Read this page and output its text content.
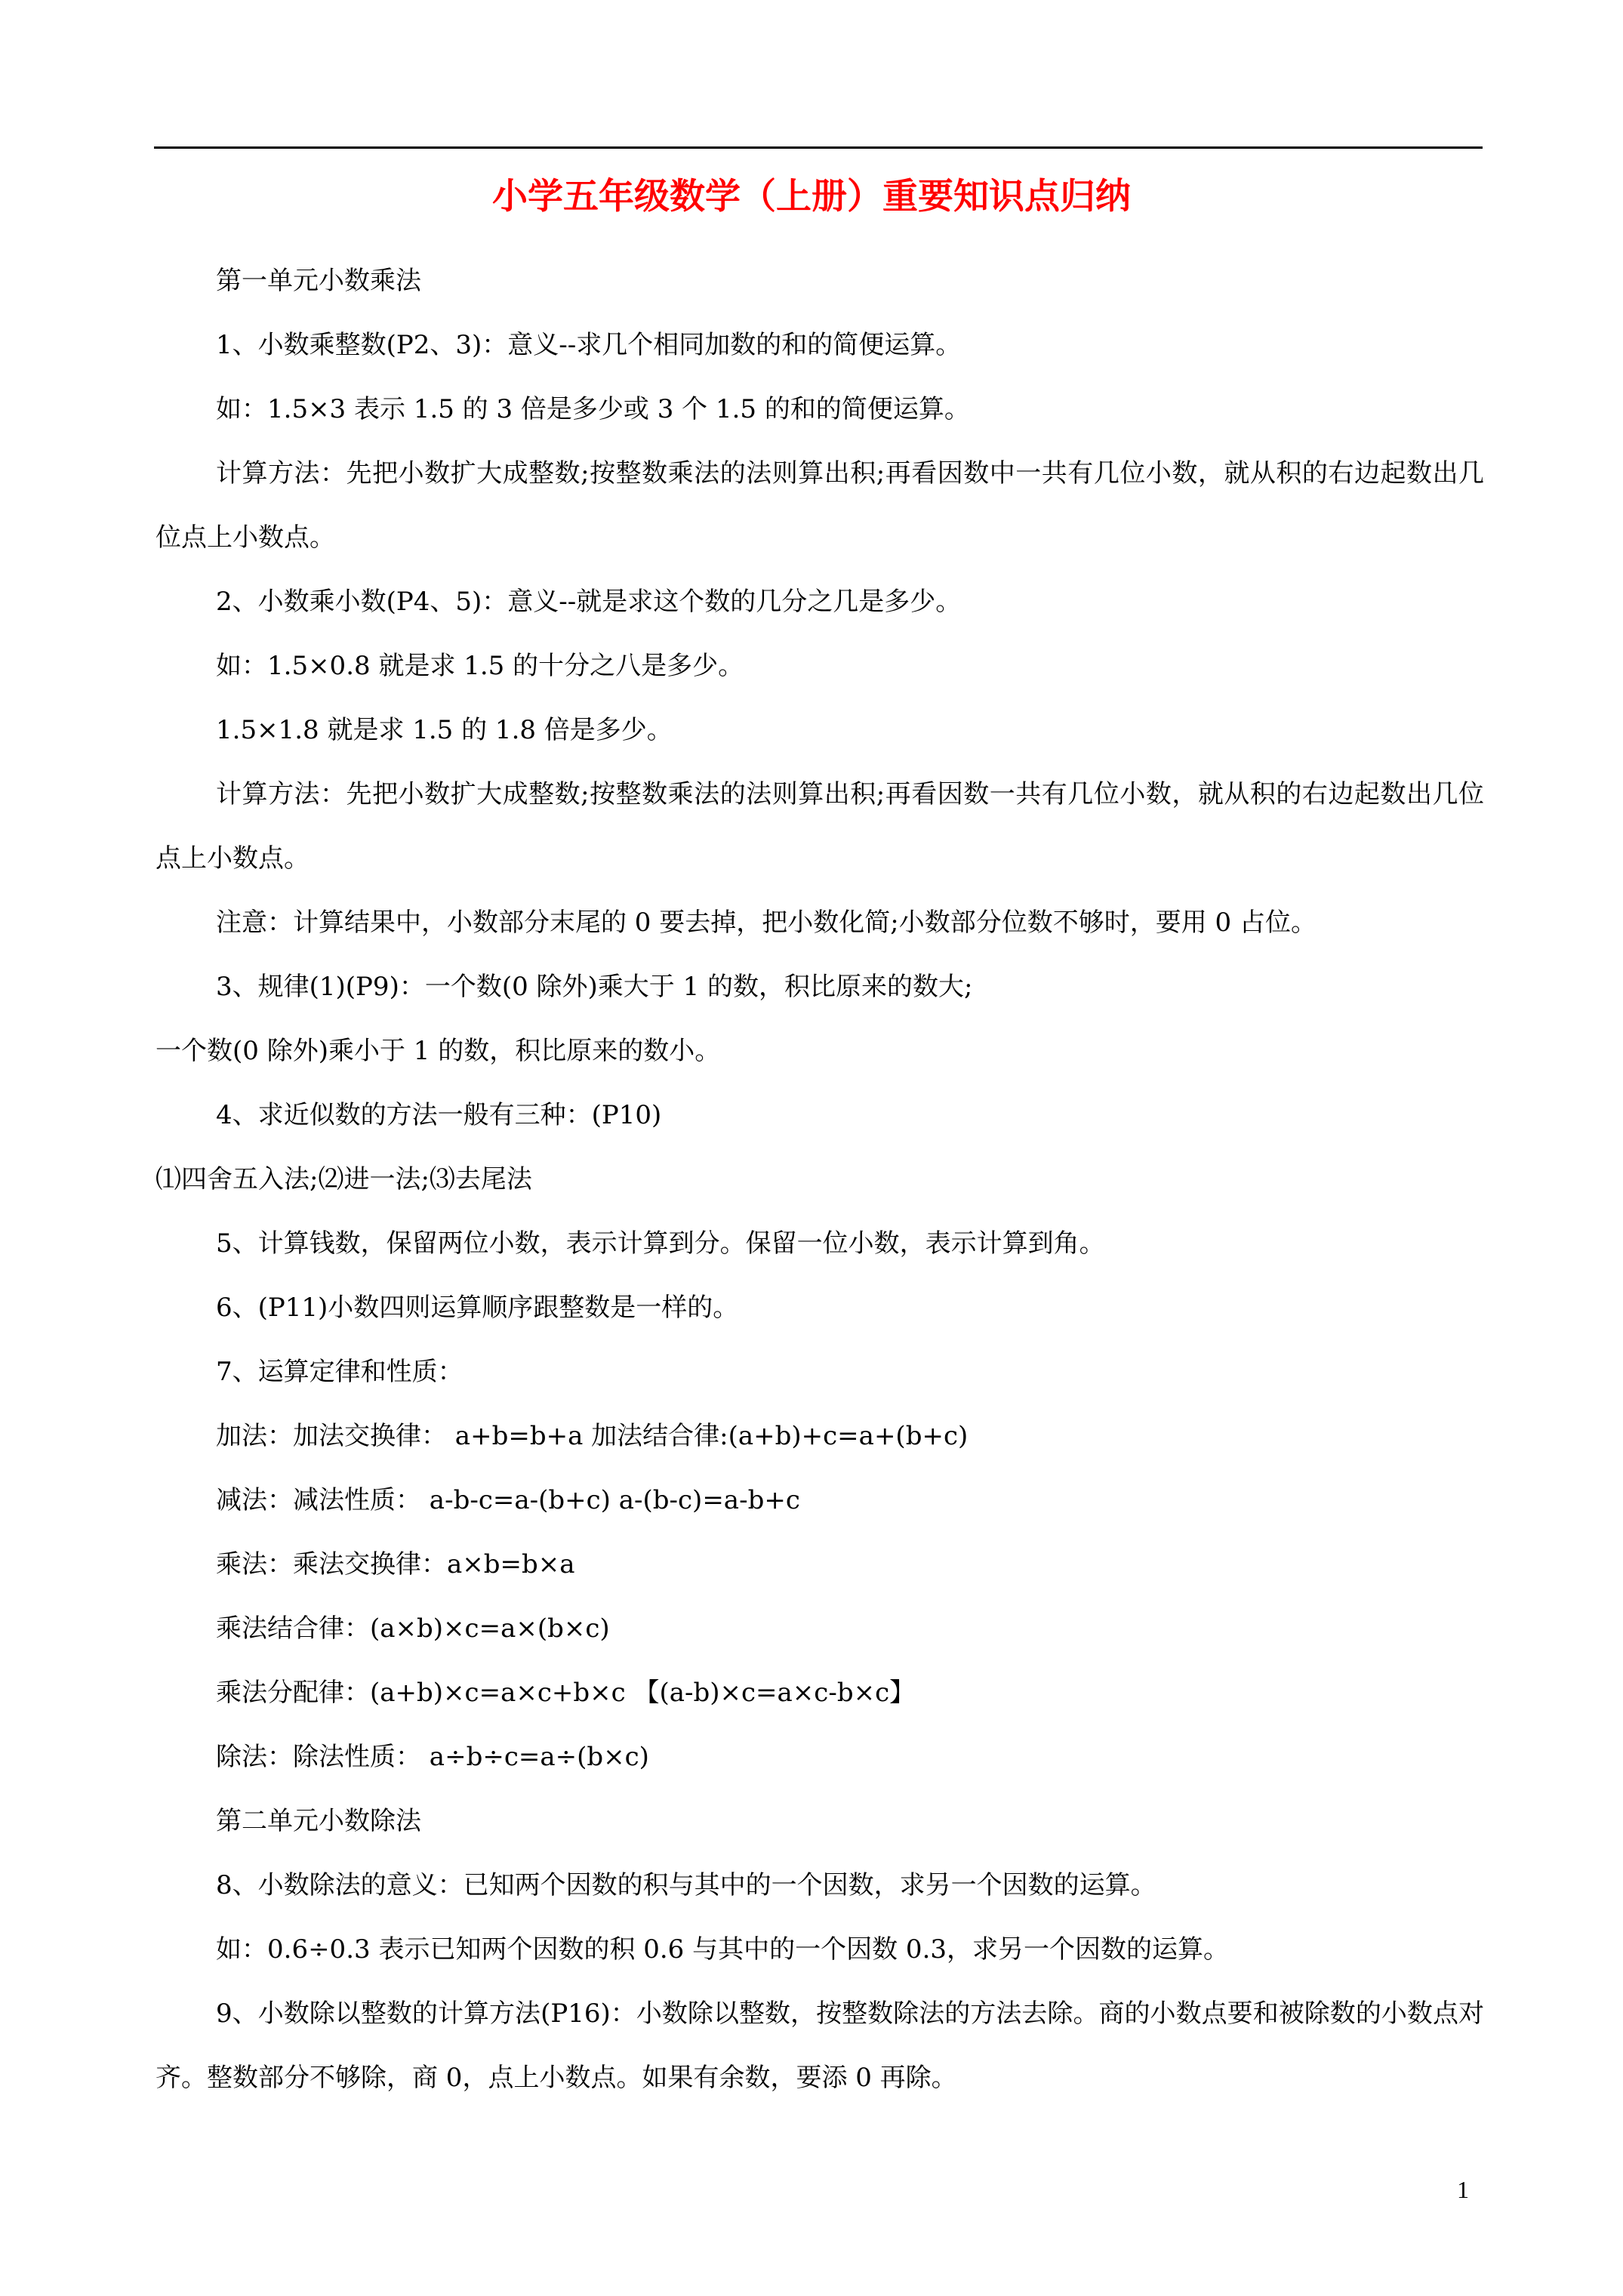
小学五年级数学（上册）重要知识点归纳

第一单元小数乘法

1、小数乘整数(P2、3)：意义--求几个相同加数的和的简便运算。

如：1.5×3 表示 1.5 的 3 倍是多少或 3 个 1.5 的和的简便运算。

计算方法：先把小数扩大成整数;按整数乘法的法则算出积;再看因数中一共有几位小数，就从积的右边起数出几位点上小数点。

2、小数乘小数(P4、5)：意义--就是求这个数的几分之几是多少。

如：1.5×0.8 就是求 1.5 的十分之八是多少。

1.5×1.8 就是求 1.5 的 1.8 倍是多少。

计算方法：先把小数扩大成整数;按整数乘法的法则算出积;再看因数一共有几位小数，就从积的右边起数出几位点上小数点。

注意：计算结果中，小数部分末尾的 0 要去掉，把小数化简;小数部分位数不够时，要用 0 占位。

3、规律(1)(P9)：一个数(0 除外)乘大于 1 的数，积比原来的数大;

一个数(0 除外)乘小于 1 的数，积比原来的数小。

4、求近似数的方法一般有三种：(P10)

⑴四舍五入法;⑵进一法;⑶去尾法

5、计算钱数，保留两位小数，表示计算到分。保留一位小数，表示计算到角。

6、(P11)小数四则运算顺序跟整数是一样的。

7、运算定律和性质：

加法：加法交换律： a+b=b+a 加法结合律:(a+b)+c=a+(b+c)

减法：减法性质： a-b-c=a-(b+c) a-(b-c)=a-b+c

乘法：乘法交换律：a×b=b×a

乘法结合律：(a×b)×c=a×(b×c)

乘法分配律：(a+b)×c=a×c+b×c 【(a-b)×c=a×c-b×c】

除法：除法性质： a÷b÷c=a÷(b×c)

第二单元小数除法

8、小数除法的意义：已知两个因数的积与其中的一个因数，求另一个因数的运算。

如：0.6÷0.3 表示已知两个因数的积 0.6 与其中的一个因数 0.3，求另一个因数的运算。

9、小数除以整数的计算方法(P16)：小数除以整数，按整数除法的方法去除。商的小数点要和被除数的小数点对齐。整数部分不够除，商 0，点上小数点。如果有余数，要添 0 再除。

1
